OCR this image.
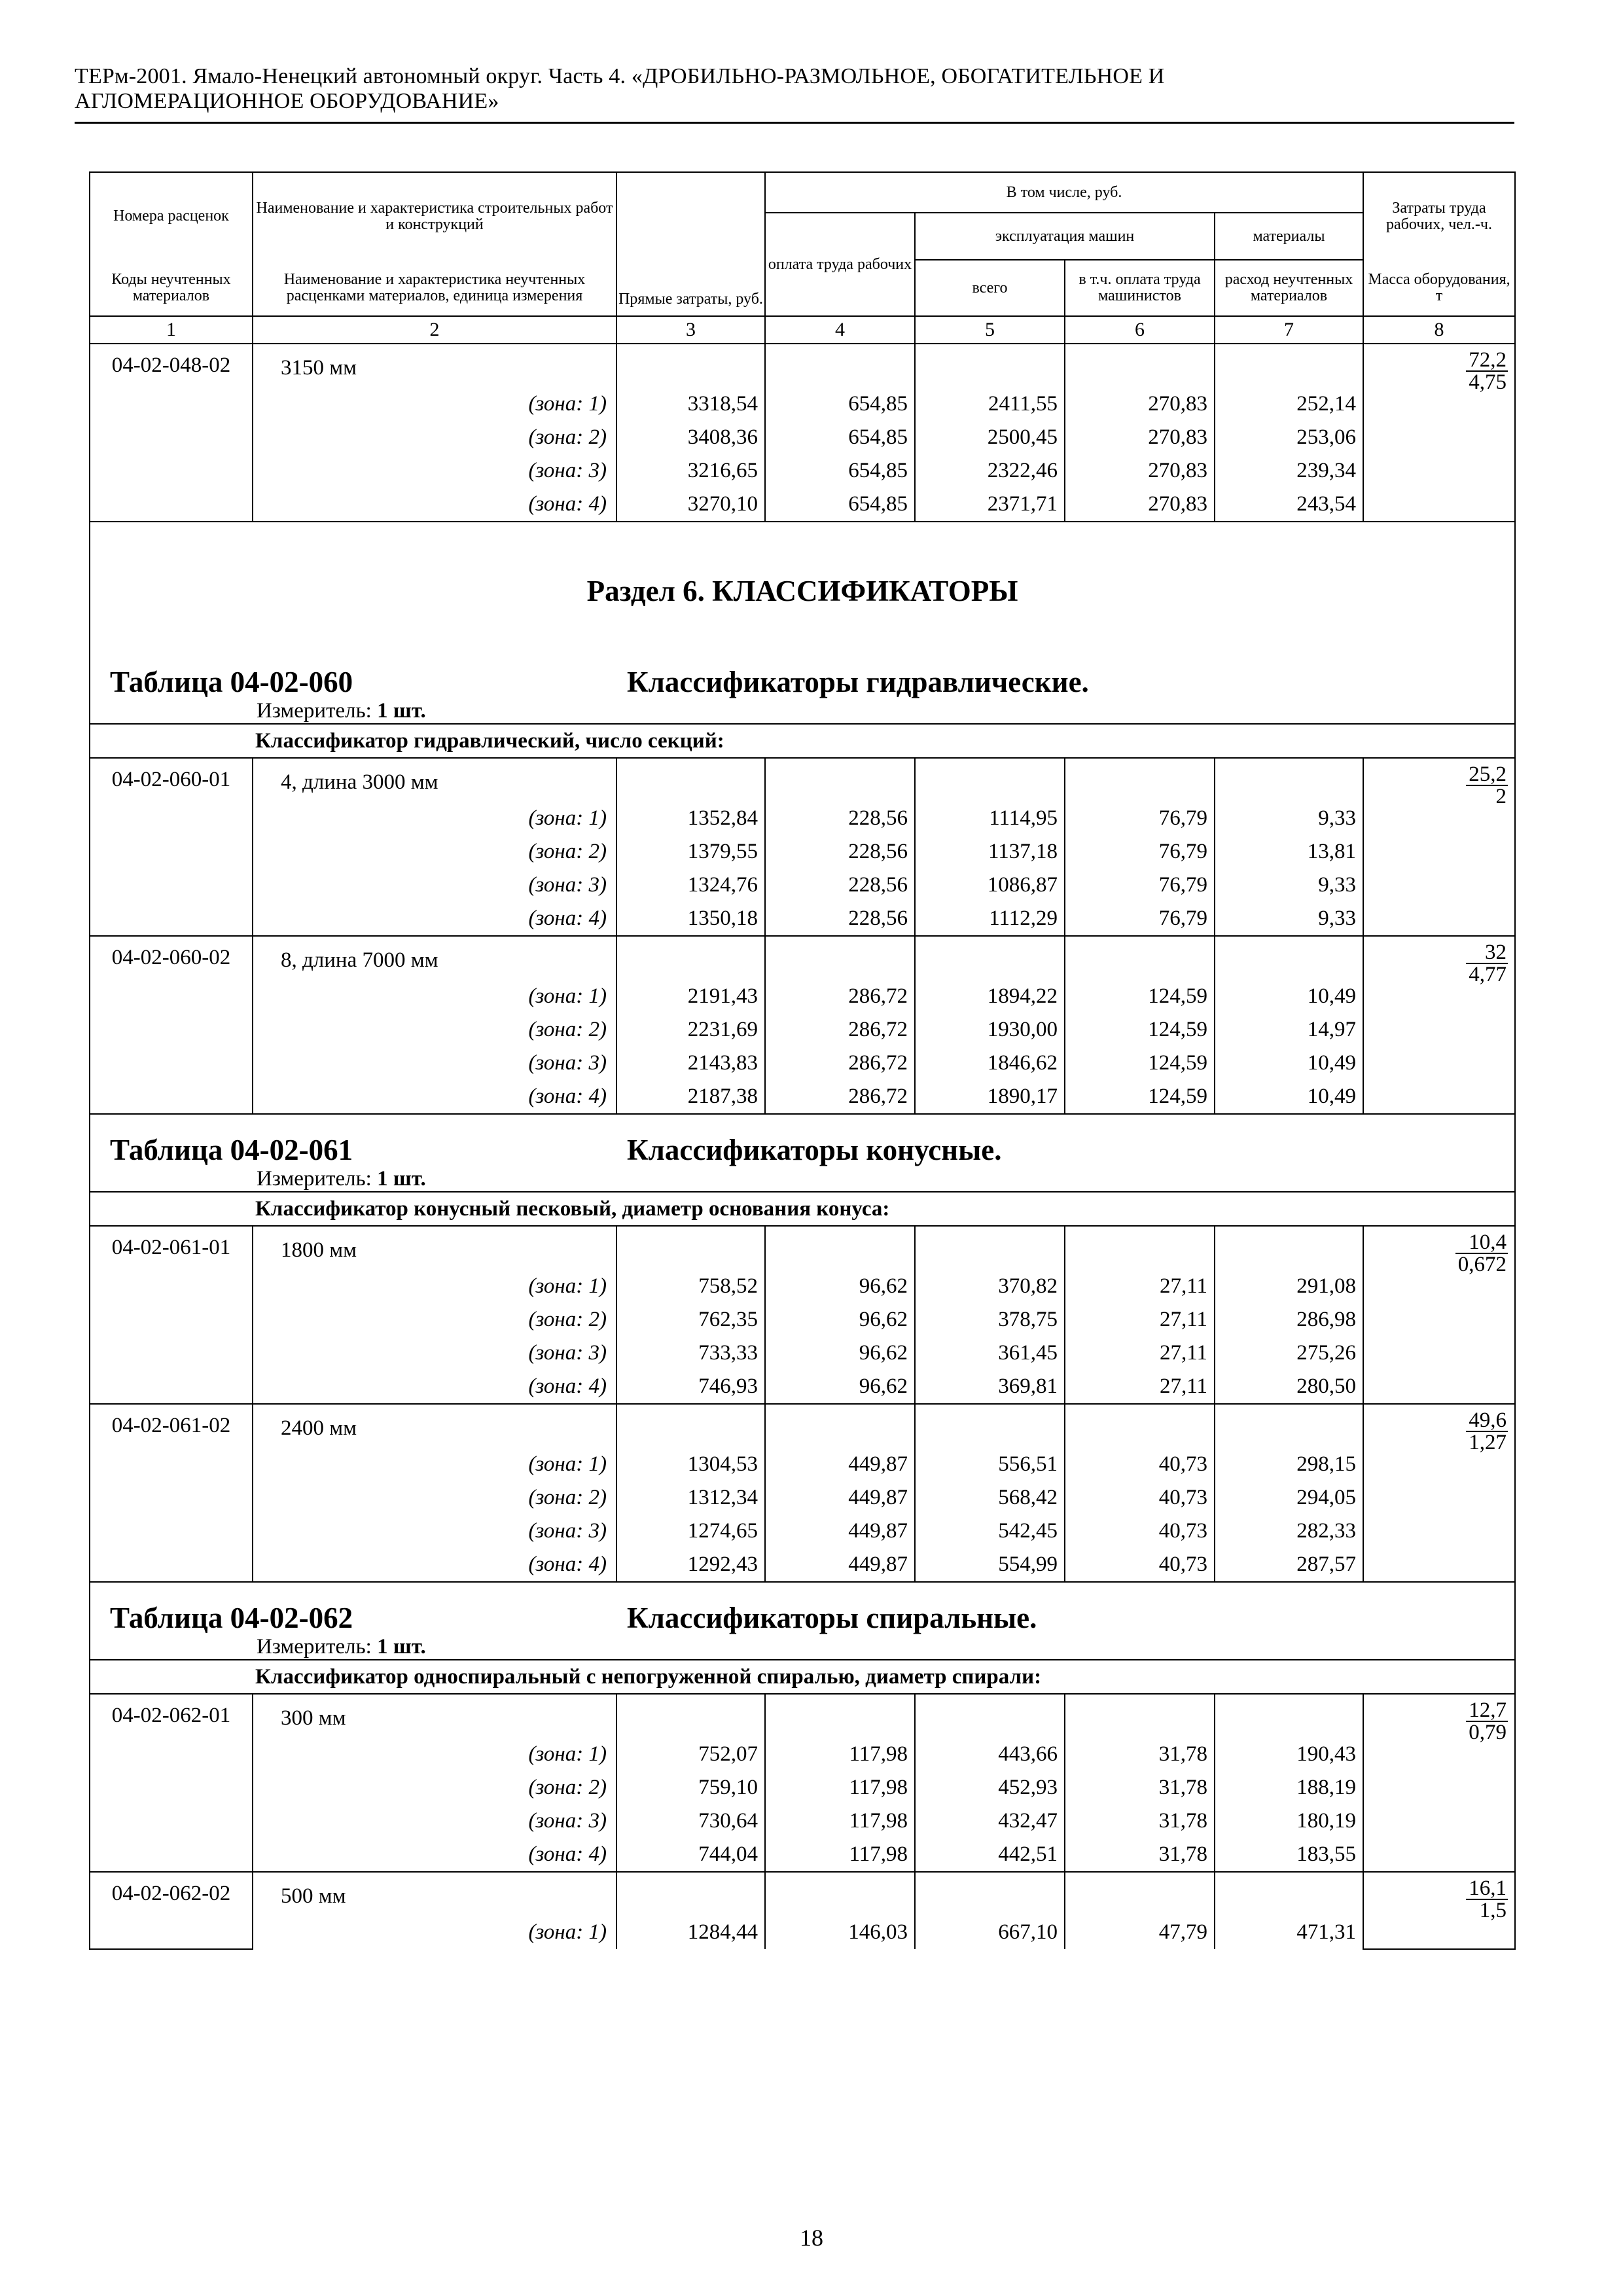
ТЕРм-2001. Ямало-Ненецкий автономный округ. Часть 4. «ДРОБИЛЬНО-РАЗМОЛЬНОЕ, ОБОГАТИТЕЛЬНОЕ И
АГЛОМЕРАЦИОННОЕ ОБОРУДОВАНИЕ»
Номера расценок	Наименование и характеристика строительных работ и конструкций	Прямые затраты, руб.	В том числе, руб.				Затраты труда рабочих, чел.-ч.
			оплата труда рабочих	эксплуатация машин		материалы	
Коды неучтенных материалов	Наименование и характеристика неучтенных расценками материалов, единица измерения			всего	в т.ч. оплата труда машинистов	расход неучтенных материалов	Масса оборудования, т
1	2	3	4	5	6	7	8
04-02-048-02	3150 мм						$\frac{72,2}{4,75}$

	(зона: 1)	3318,54	654,85	2411,55	270,83	252,14	
	(зона: 2)	3408,36	654,85	2500,45	270,83	253,06	
	(зона: 3)	3216,65	654,85	2322,46	270,83	239,34	
	(зона: 4)	3270,10	654,85	2371,71	270,83	243,54	

Раздел 6. КЛАССИФИКАТОРЫ
Таблица 04-02-060 Классификаторы гидравлические.
Измеритель: 1 шт.							

Классификатор гидравлический, число секций:							
04-02-060-01	4, длина 3000 мм						$\frac{25,2}{2}$

	(зона: 1)	1352,84	228,56	1114,95	76,79	9,33	
	(зона: 2)	1379,55	228,56	1137,18	76,79	13,81	
	(зона: 3)	1324,76	228,56	1086,87	76,79	9,33	
	(зона: 4)	1350,18	228,56	1112,29	76,79	9,33	
04-02-060-02	8, длина 7000 мм						$\frac{32}{4,77}$

	(зона: 1)	2191,43	286,72	1894,22	124,59	10,49	
	(зона: 2)	2231,69	286,72	1930,00	124,59	14,97	
	(зона: 3)	2143,83	286,72	1846,62	124,59	10,49	
	(зона: 4)	2187,38	286,72	1890,17	124,59	10,49	

Таблица 04-02-061 Классификаторы конусные.
Измеритель: 1 шт.							

Классификатор конусный песковый, диаметр основания конуса:							
04-02-061-01	1800 мм						$\frac{10,4}{0,672}$

	(зона: 1)	758,52	96,62	370,82	27,11	291,08	
	(зона: 2)	762,35	96,62	378,75	27,11	286,98	
	(зона: 3)	733,33	96,62	361,45	27,11	275,26	
	(зона: 4)	746,93	96,62	369,81	27,11	280,50	
04-02-061-02	2400 мм						$\frac{49,6}{1,27}$

	(зона: 1)	1304,53	449,87	556,51	40,73	298,15	
	(зона: 2)	1312,34	449,87	568,42	40,73	294,05	
	(зона: 3)	1274,65	449,87	542,45	40,73	282,33	
	(зона: 4)	1292,43	449,87	554,99	40,73	287,57	

Таблица 04-02-062 Классификаторы спиральные.
Измеритель: 1 шт.							

Классификатор односпиральный с непогруженной спиралью, диаметр спирали:							
04-02-062-01	300 мм						$\frac{12,7}{0,79}$

	(зона: 1)	752,07	117,98	443,66	31,78	190,43	
	(зона: 2)	759,10	117,98	452,93	31,78	188,19	
	(зона: 3)	730,64	117,98	432,47	31,78	180,19	
	(зона: 4)	744,04	117,98	442,51	31,78	183,55	
04-02-062-02	500 мм						$\frac{16,1}{1,5}$

	(зона: 1)	1284,44	146,03	667,10	47,79	471,31	
18
